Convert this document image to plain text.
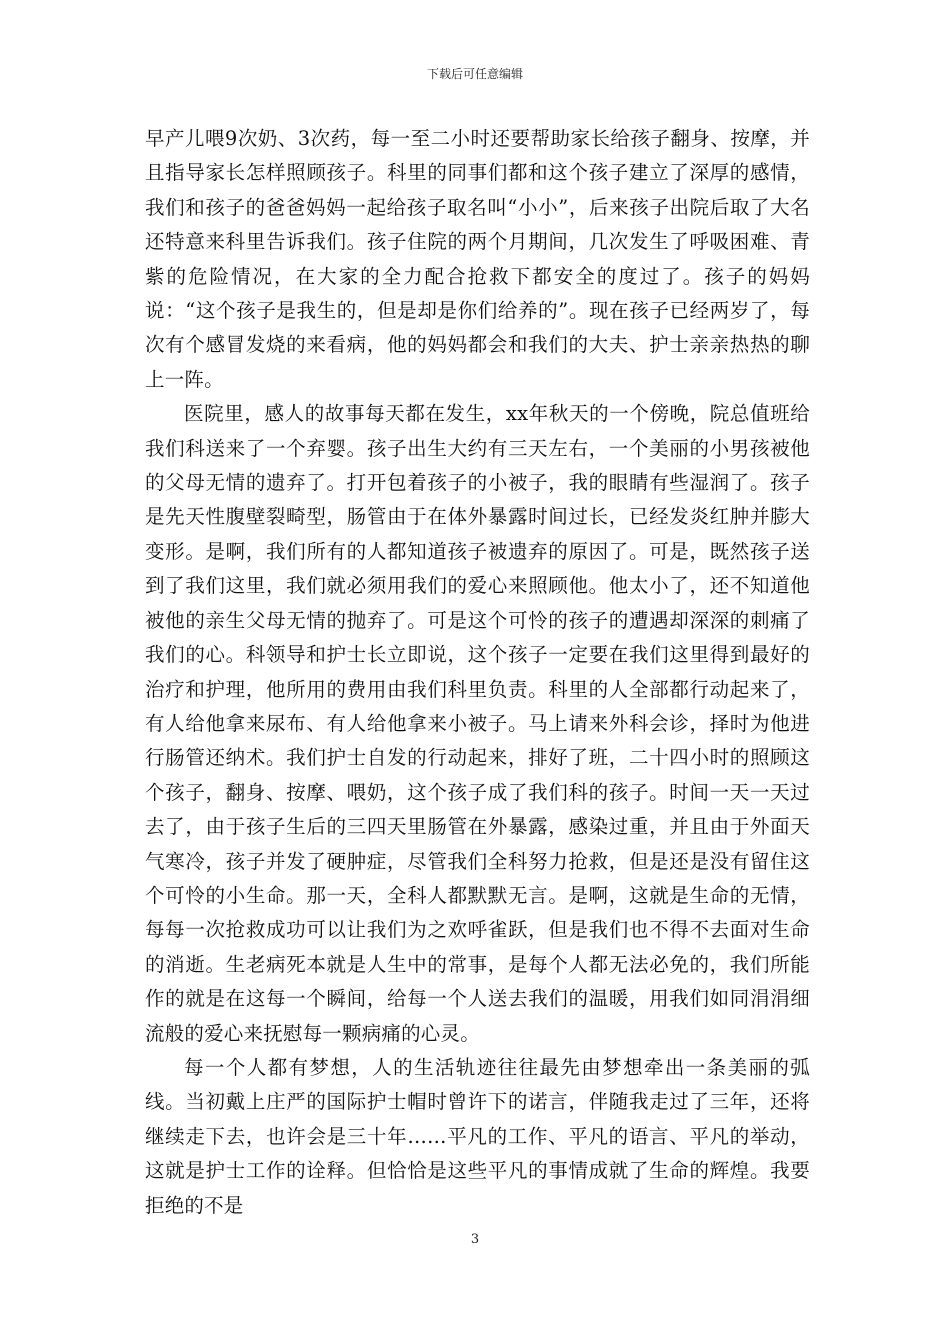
下载后可任意编辑

早产儿喂9次奶、3次药，每一至二小时还要帮助家长给孩子翻身、按摩，并且指导家长怎样照顾孩子。科里的同事们都和这个孩子建立了深厚的感情，我们和孩子的爸爸妈妈一起给孩子取名叫“小小”，后来孩子出院后取了大名还特意来科里告诉我们。孩子住院的两个月期间，几次发生了呼吸困难、青紫的危险情况，在大家的全力配合抢救下都安全的度过了。孩子的妈妈说：“这个孩子是我生的，但是却是你们给养的”。现在孩子已经两岁了，每次有个感冒发烧的来看病，他的妈妈都会和我们的大夫、护士亲亲热热的聊上一阵。

医院里，感人的故事每天都在发生，xx年秋天的一个傍晚，院总值班给我们科送来了一个弃婴。孩子出生大约有三天左右，一个美丽的小男孩被他的父母无情的遗弃了。打开包着孩子的小被子，我的眼睛有些湿润了。孩子是先天性腹壁裂畸型，肠管由于在体外暴露时间过长，已经发炎红肿并膨大变形。是啊，我们所有的人都知道孩子被遗弃的原因了。可是，既然孩子送到了我们这里，我们就必须用我们的爱心来照顾他。他太小了，还不知道他被他的亲生父母无情的抛弃了。可是这个可怜的孩子的遭遇却深深的刺痛了我们的心。科领导和护士长立即说，这个孩子一定要在我们这里得到最好的治疗和护理，他所用的费用由我们科里负责。科里的人全部都行动起来了，有人给他拿来尿布、有人给他拿来小被子。马上请来外科会诊，择时为他进行肠管还纳术。我们护士自发的行动起来，排好了班，二十四小时的照顾这个孩子，翻身、按摩、喂奶，这个孩子成了我们科的孩子。时间一天一天过去了，由于孩子生后的三四天里肠管在外暴露，感染过重，并且由于外面天气寒冷，孩子并发了硬肿症，尽管我们全科努力抢救，但是还是没有留住这个可怜的小生命。那一天，全科人都默默无言。是啊，这就是生命的无情，每每一次抢救成功可以让我们为之欢呼雀跃，但是我们也不得不去面对生命的消逝。生老病死本就是人生中的常事，是每个人都无法必免的，我们所能作的就是在这每一个瞬间，给每一个人送去我们的温暖，用我们如同涓涓细流般的爱心来抚慰每一颗病痛的心灵。

每一个人都有梦想，人的生活轨迹往往最先由梦想牵出一条美丽的弧线。当初戴上庄严的国际护士帽时曾许下的诺言，伴随我走过了三年，还将继续走下去，也许会是三十年……平凡的工作、平凡的语言、平凡的举动，这就是护士工作的诠释。但恰恰是这些平凡的事情成就了生命的辉煌。我要拒绝的不是

3
